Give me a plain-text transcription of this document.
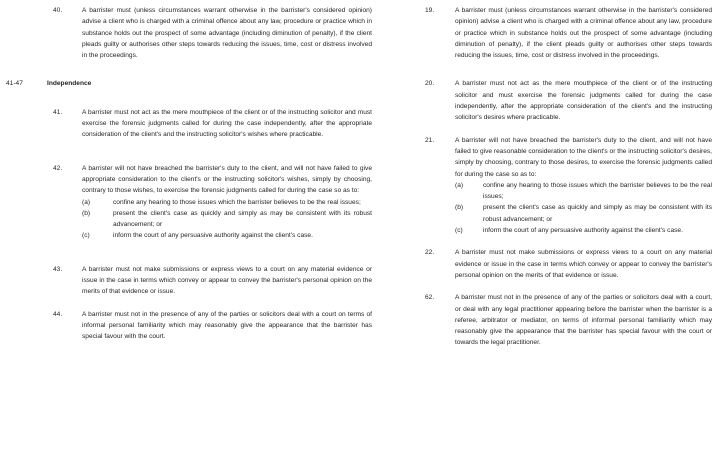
40.	A barrister must (unless circumstances warrant otherwise in the barrister's considered opinion) advise a client who is charged with a criminal offence about any law, procedure or practice which in substance holds out the prospect of some advantage (including diminution of penalty), if the client pleads guilty or authorises other steps towards reducing the issues, time, cost or distress involved in the proceedings.
41-47	Independence
41.	A barrister must not act as the mere mouthpiece of the client or of the instructing solicitor and must exercise the forensic judgments called for during the case independently, after the appropriate consideration of the client's and the instructing solicitor's wishes where practicable.
42.	A barrister will not have breached the barrister's duty to the client, and will not have failed to give appropriate consideration to the client's or the instructing solicitor's wishes, simply by choosing, contrary to those wishes, to exercise the forensic judgments called for during the case so as to:
(a)	confine any hearing to those issues which the barrister believes to be the real issues;
(b)	present the client's case as quickly and simply as may be consistent with its robust advancement; or
(c)	inform the court of any persuasive authority against the client's case.
43.	A barrister must not make submissions or express views to a court on any material evidence or issue in the case in terms which convey or appear to convey the barrister's personal opinion on the merits of that evidence or issue.
44.	A barrister must not in the presence of any of the parties or solicitors deal with a court on terms of informal personal familiarity which may reasonably give the appearance that the barrister has special favour with the court.
19.	A barrister must (unless circumstances warrant otherwise in the barrister's considered opinion) advise a client who is charged with a criminal offence about any law, procedure or practice which in substance holds out the prospect of some advantage (including diminution of penalty), if the client pleads guilty or authorises other steps towards reducing the issues, time, cost or distress involved in the proceedings.
20.	A barrister must not act as the mere mouthpiece of the client or of the instructing solicitor and must exercise the forensic judgments called for during the case independently, after the appropriate consideration of the client's and the instructing solicitor's desires where practicable.
21.	A barrister will not have breached the barrister's duty to the client, and will not have failed to give reasonable consideration to the client's or the instructing solicitor's desires, simply by choosing, contrary to those desires, to exercise the forensic judgments called for during the case so as to:
(a)	confine any hearing to those issues which the barrister believes to be the real issues;
(b)	present the client's case as quickly and simply as may be consistent with its robust advancement; or
(c)	inform the court of any persuasive authority against the client's case.
22.	A barrister must not make submissions or express views to a court on any material evidence or issue in the case in terms which convey or appear to convey the barrister's personal opinion on the merits of that evidence or issue.
62.	A barrister must not in the presence of any of the parties or solicitors deal with a court, or deal with any legal practitioner appearing before the barrister when the barrister is a referee, arbitrator or mediator, on terms of informal personal familiarity which may reasonably give the appearance that the barrister has special favour with the court or towards the legal practitioner.
